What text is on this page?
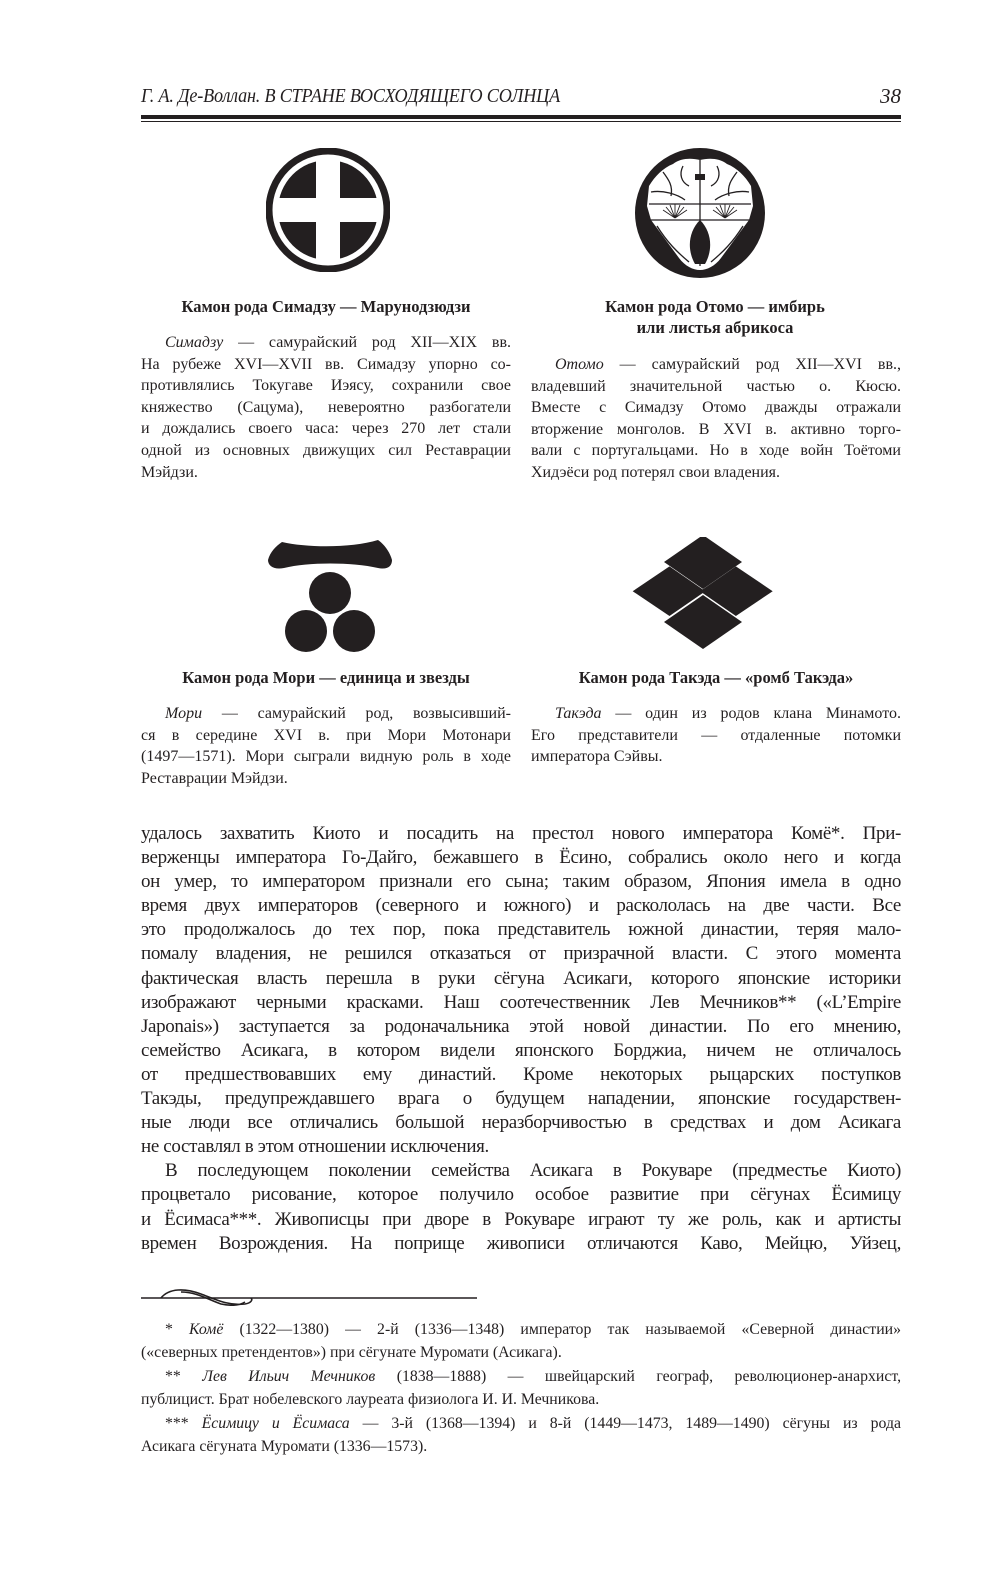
Г. А. Де-Воллан. В СТРАНЕ ВОСХОДЯЩЕГО СОЛНЦА	38
Камон рода Симадзу — Марунодзюдзи
Симадзу — самурайский род XII—XIX вв.
На рубеже XVI—XVII вв. Симадзу упорно со-
противлялись Токугаве Иэясу, сохранили свое
княжество (Сацума), невероятно разбогатели
и дождались своего часа: через 270 лет стали
одной из основных движущих сил Реставрации
Мэйдзи.
Камон рода Отомо — имбирь
или листья абрикоса
Отомо — самурайский род XII—XVI вв.,
владевший значительной частью о. Кюсю.
Вместе с Симадзу Отомо дважды отражали
вторжение монголов. В XVI в. активно торго-
вали с португальцами. Но в ходе войн Тоётоми
Хидэёси род потерял свои владения.
Камон рода Мори — единица и звезды
Мори — самурайский род, возвысивший-
ся в середине XVI в. при Мори Мотонари
(1497—1571). Мори сыграли видную роль в ходе
Реставрации Мэйдзи.
Камон рода Такэда — «ромб Такэда»
Такэда — один из родов клана Минамото.
Его представители — отдаленные потомки
императора Сэйвы.
удалось захватить Киото и посадить на престол нового императора Комё*. При-
верженцы императора Го-Дайго, бежавшего в Ёсино, собрались около него и когда
он умер, то императором признали его сына; таким образом, Япония имела в одно
время двух императоров (северного и южного) и раскололась на две части. Все
это продолжалось до тех пор, пока представитель южной династии, теряя мало-
помалу владения, не решился отказаться от призрачной власти. С этого момента
фактическая власть перешла в руки сёгуна Асикаги, которого японские историки
изображают черными красками. Наш соотечественник Лев Мечников** («L’Empire
Japonais») заступается за родоначальника этой новой династии. По его мнению,
семейство Асикага, в котором видели японского Борджиа, ничем не отличалось
от предшествовавших ему династий. Кроме некоторых рыцарских поступков
Такэды, предупреждавшего врага о будущем нападении, японские государствен-
ные люди все отличались большой неразборчивостью в средствах и дом Асикага
не составлял в этом отношении исключения.
В последующем поколении семейства Асикага в Рокуваре (предместье Киото)
процветало рисование, которое получило особое развитие при сёгунах Ёсимицу
и Ёсимаса***. Живописцы при дворе в Рокуваре играют ту же роль, как и артисты
времен Возрождения. На поприще живописи отличаются Каво, Мейцю, Уйзец,
* Комё (1322—1380) — 2-й (1336—1348) император так называемой «Северной династии»
(«северных претендентов») при сёгунате Муромати (Асикага).
** Лев Ильич Мечников (1838—1888) — швейцарский географ, революционер-анархист,
публицист. Брат нобелевского лауреата физиолога И. И. Мечникова.
*** Ёсимицу и Ёсимаса — 3-й (1368—1394) и 8-й (1449—1473, 1489—1490) сёгуны из рода
Асикага сёгуната Муромати (1336—1573).
